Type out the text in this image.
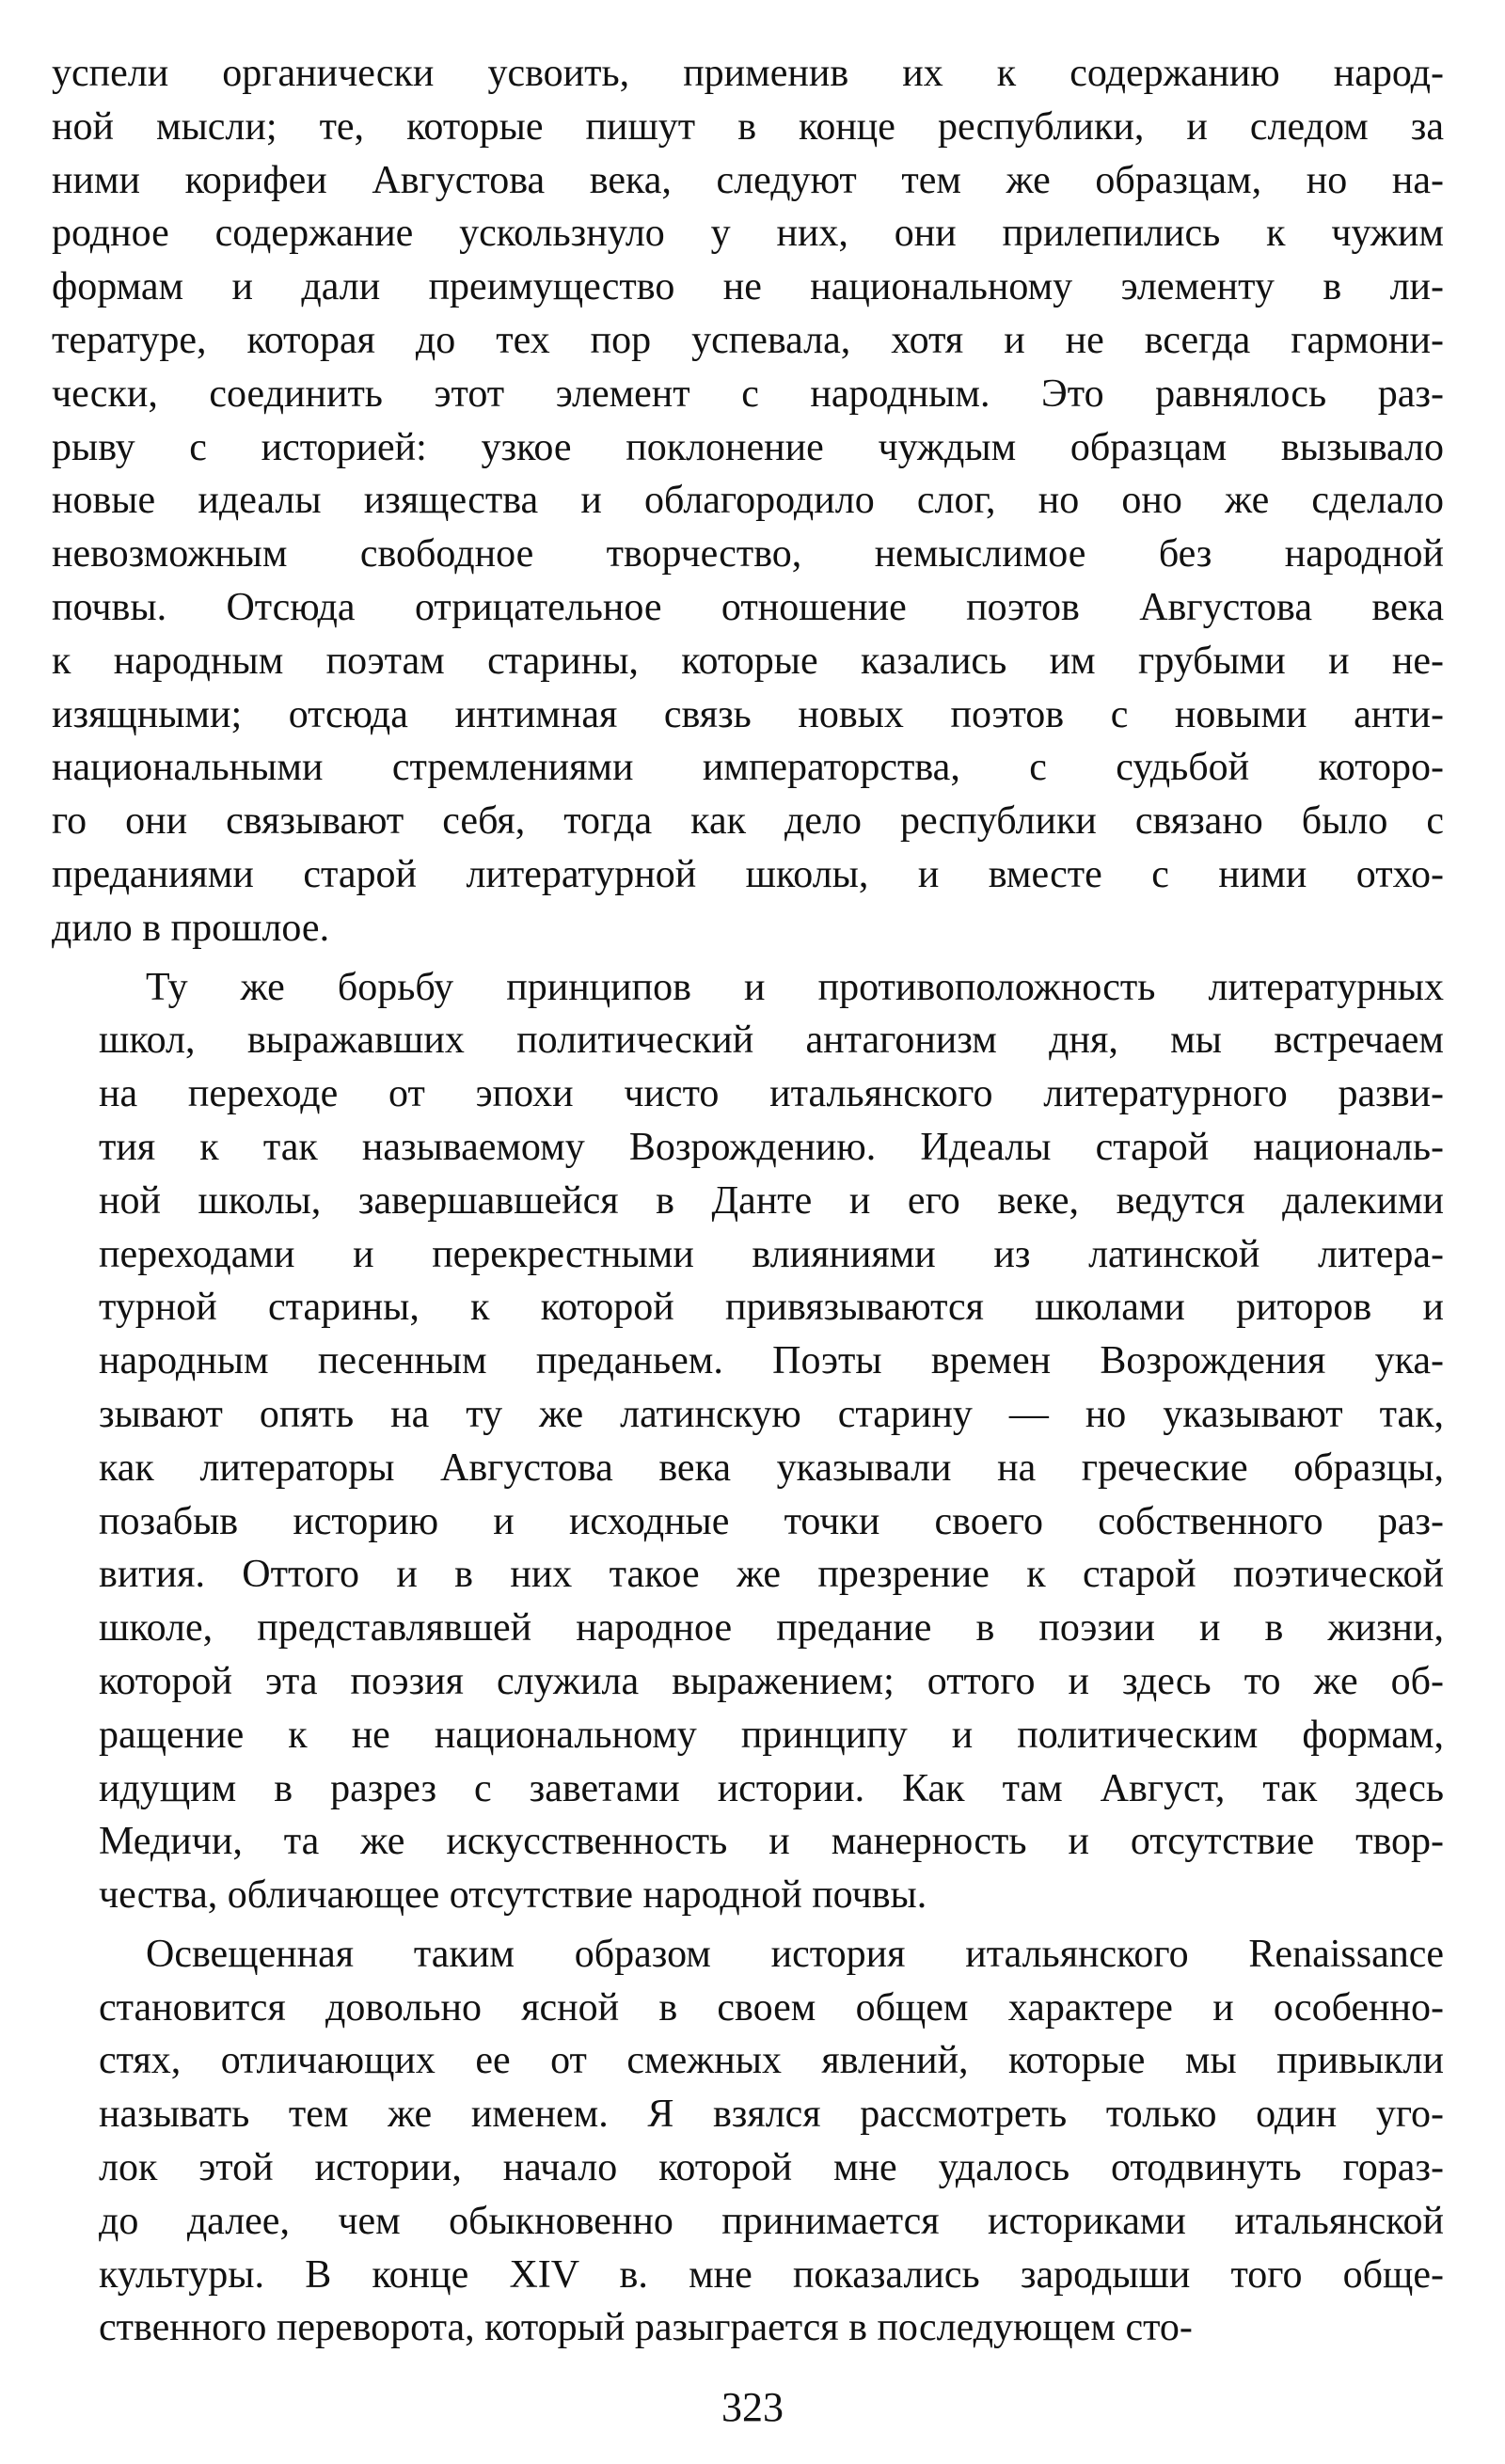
успели органически усвоить, применив их к содержанию народ-
ной мысли; те, которые пишут в конце республики, и следом за
ними корифеи Августова века, следуют тем же образцам, но на-
родное содержание ускользнуло у них, они прилепились к чужим
формам и дали преимущество не национальному элементу в ли-
тературе, которая до тех пор успевала, хотя и не всегда гармони-
чески, соединить этот элемент с народным. Это равнялось раз-
рыву с историей: узкое поклонение чуждым образцам вызывало
новые идеалы изящества и облагородило слог, но оно же сделало
невозможным свободное творчество, немыслимое без народной
почвы. Отсюда отрицательное отношение поэтов Августова века
к народным поэтам старины, которые казались им грубыми и не-
изящными; отсюда интимная связь новых поэтов с новыми анти-
национальными стремлениями императорства, с судьбой которо-
го они связывают себя, тогда как дело республики связано было с
преданиями старой литературной школы, и вместе с ними отхо-
дило в прошлое.
Ту же борьбу принципов и противоположность литературных
школ, выражавших политический антагонизм дня, мы встречаем
на переходе от эпохи чисто итальянского литературного разви-
тия к так называемому Возрождению. Идеалы старой националь-
ной школы, завершавшейся в Данте и его веке, ведутся далекими
переходами и перекрестными влияниями из латинской литера-
турной старины, к которой привязываются школами риторов и
народным песенным преданьем. Поэты времен Возрождения ука-
зывают опять на ту же латинскую старину — но указывают так,
как литераторы Августова века указывали на греческие образцы,
позабыв историю и исходные точки своего собственного раз-
вития. Оттого и в них такое же презрение к старой поэтической
школе, представлявшей народное предание в поэзии и в жизни,
которой эта поэзия служила выражением; оттого и здесь то же об-
ращение к не национальному принципу и политическим формам,
идущим в разрез с заветами истории. Как там Август, так здесь
Медичи, та же искусственность и манерность и отсутствие твор-
чества, обличающее отсутствие народной почвы.
Освещенная таким образом история итальянского Renaissance
становится довольно ясной в своем общем характере и особенно-
стях, отличающих ее от смежных явлений, которые мы привыкли
называть тем же именем. Я взялся рассмотреть только один уго-
лок этой истории, начало которой мне удалось отодвинуть гораз-
до далее, чем обыкновенно принимается историками итальянской
культуры. В конце XIV в. мне показались зародыши того обще-
ственного переворота, который разыграется в последующем сто-
323
